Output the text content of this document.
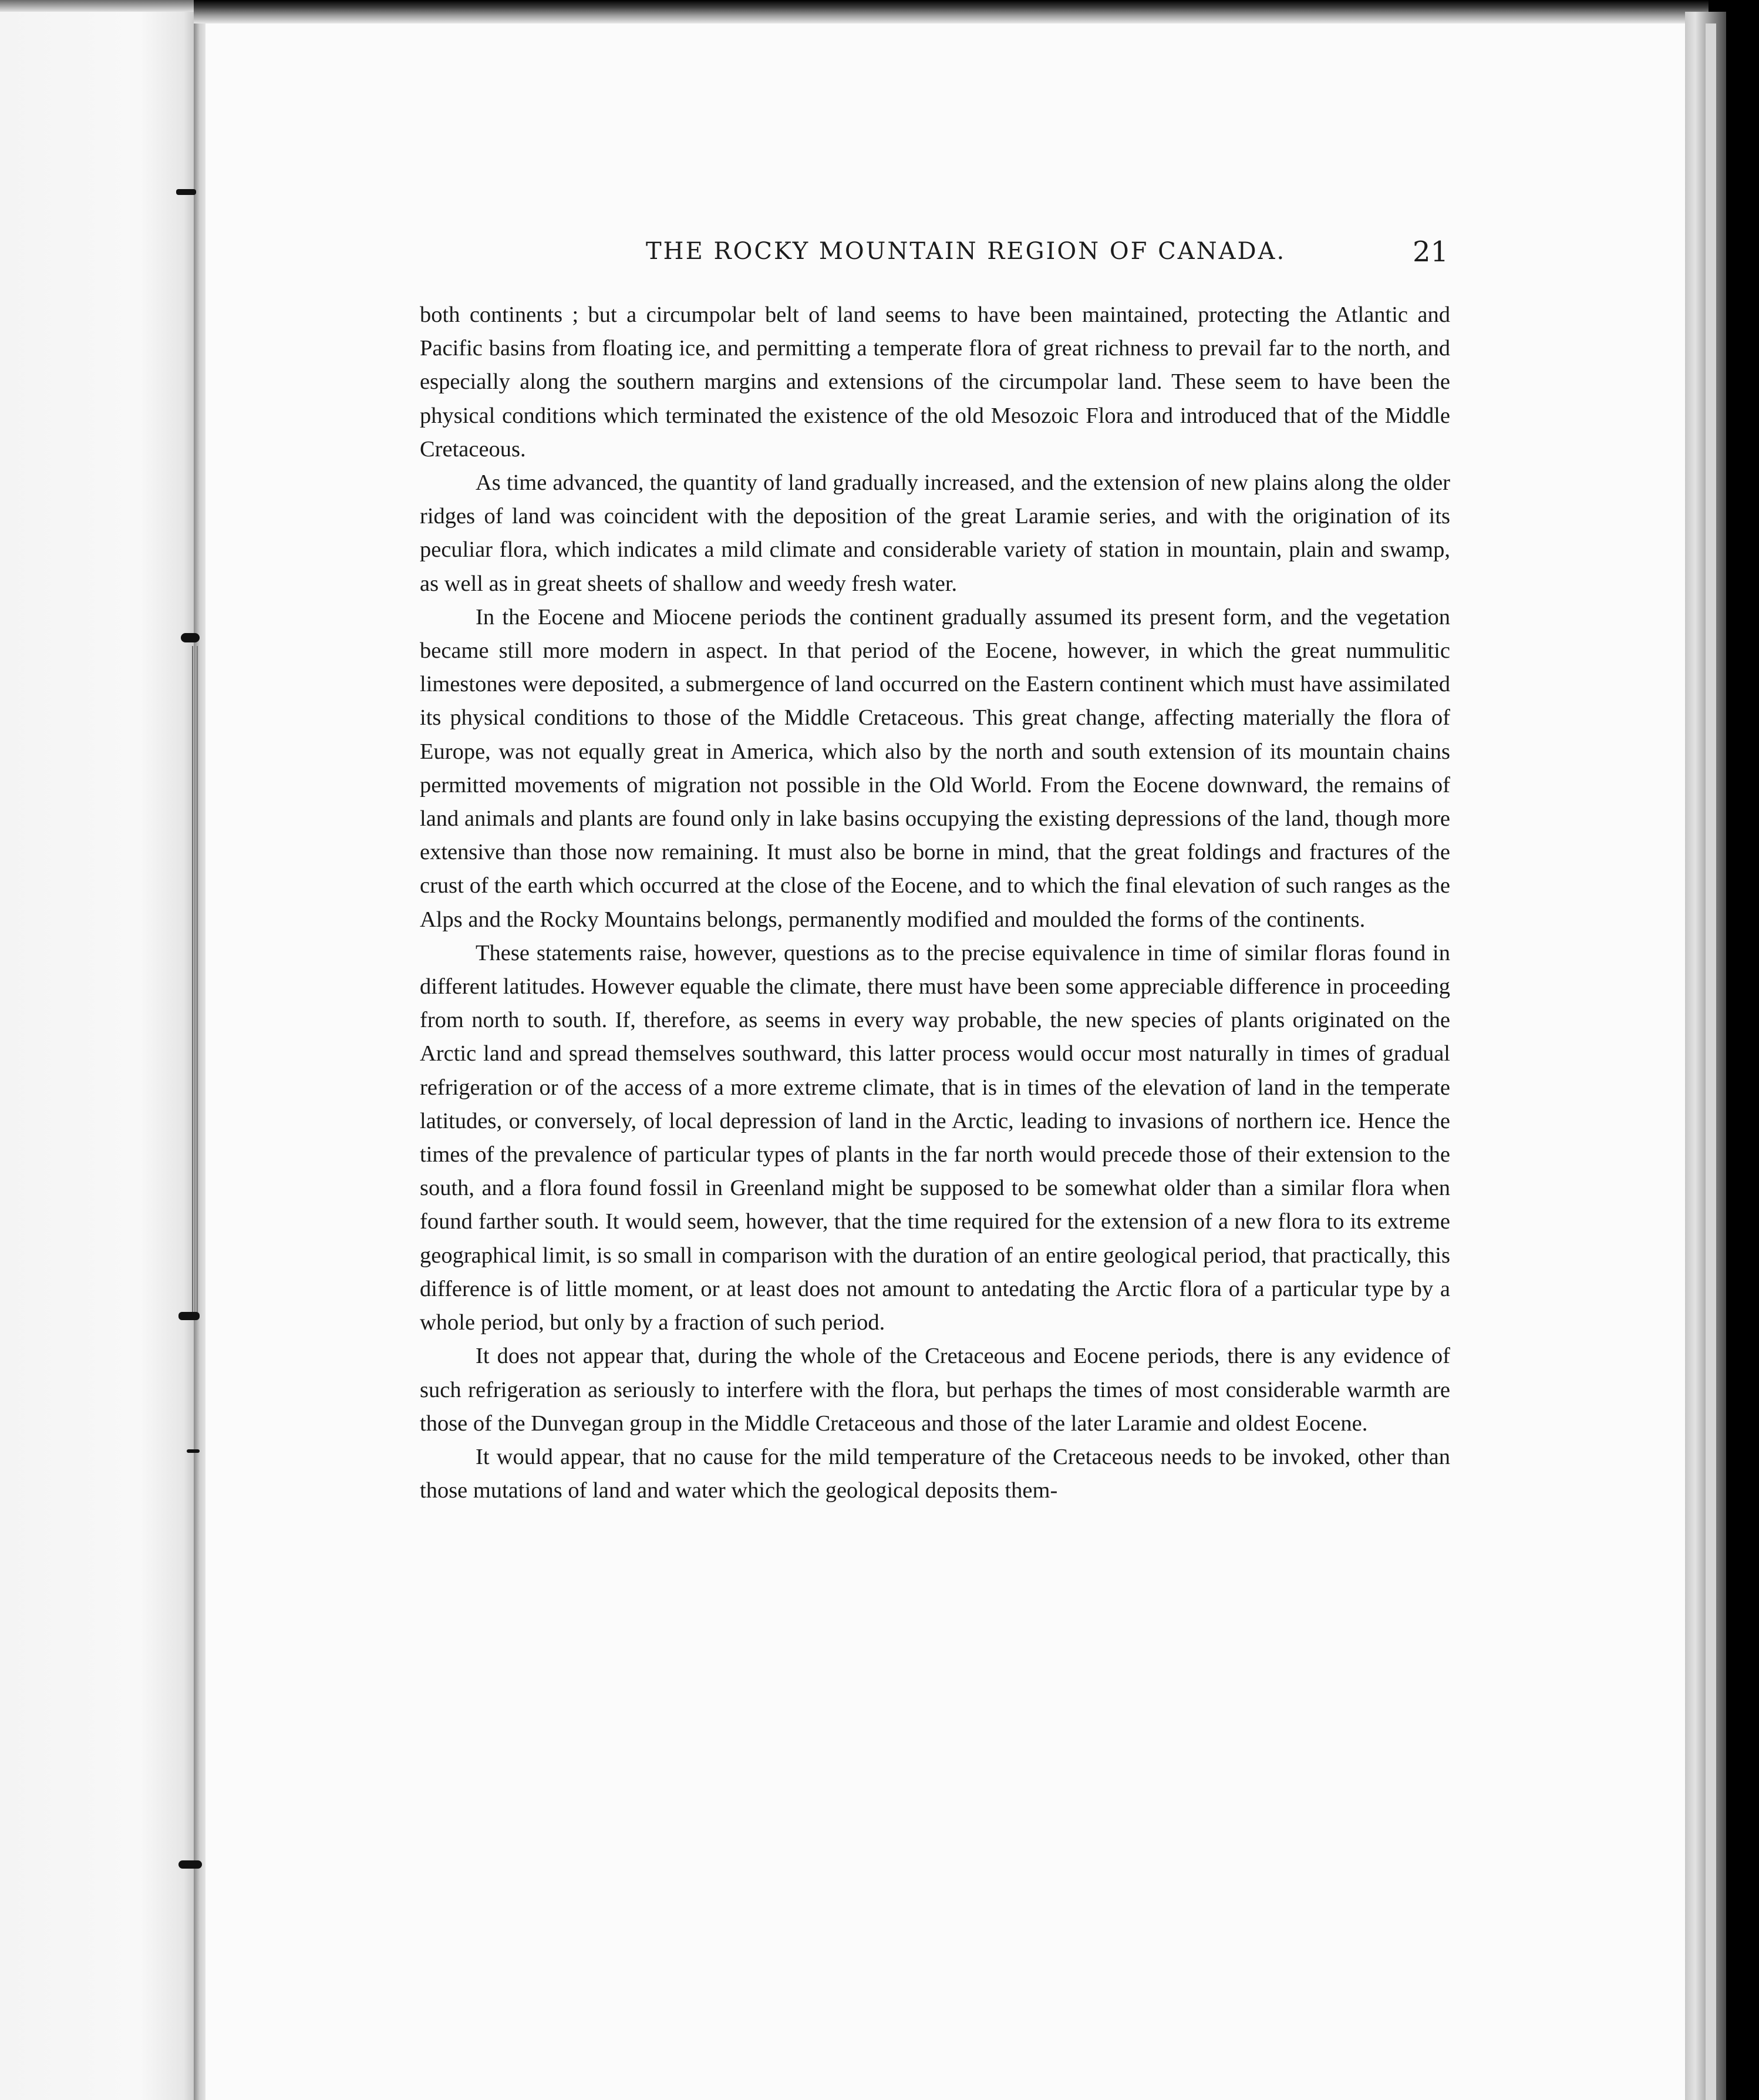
THE ROCKY MOUNTAIN REGION OF CANADA.	21

both continents ; but a circumpolar belt of land seems to have been maintained, protecting the Atlantic and Pacific basins from floating ice, and permitting a temperate flora of great richness to prevail far to the north, and especially along the southern margins and extensions of the circumpolar land. These seem to have been the physical conditions which terminated the existence of the old Mesozoic Flora and introduced that of the Middle Cretaceous.

As time advanced, the quantity of land gradually increased, and the extension of new plains along the older ridges of land was coincident with the deposition of the great Laramie series, and with the origination of its peculiar flora, which indicates a mild climate and considerable variety of station in mountain, plain and swamp, as well as in great sheets of shallow and weedy fresh water.

In the Eocene and Miocene periods the continent gradually assumed its present form, and the vegetation became still more modern in aspect. In that period of the Eocene, however, in which the great nummulitic limestones were deposited, a submergence of land occurred on the Eastern continent which must have assimilated its physical conditions to those of the Middle Cretaceous. This great change, affecting materially the flora of Europe, was not equally great in America, which also by the north and south extension of its mountain chains permitted movements of migration not possible in the Old World. From the Eocene downward, the remains of land animals and plants are found only in lake basins occupying the existing depressions of the land, though more extensive than those now remaining. It must also be borne in mind, that the great foldings and fractures of the crust of the earth which occurred at the close of the Eocene, and to which the final elevation of such ranges as the Alps and the Rocky Mountains belongs, permanently modified and moulded the forms of the continents.

These statements raise, however, questions as to the precise equivalence in time of similar floras found in different latitudes. However equable the climate, there must have been some appreciable difference in proceeding from north to south. If, therefore, as seems in every way probable, the new species of plants originated on the Arctic land and spread themselves southward, this latter process would occur most naturally in times of gradual refrigeration or of the access of a more extreme climate, that is in times of the elevation of land in the temperate latitudes, or conversely, of local depression of land in the Arctic, leading to invasions of northern ice. Hence the times of the prevalence of particular types of plants in the far north would precede those of their extension to the south, and a flora found fossil in Greenland might be supposed to be somewhat older than a similar flora when found farther south. It would seem, however, that the time required for the extension of a new flora to its extreme geographical limit, is so small in comparison with the duration of an entire geological period, that practically, this difference is of little moment, or at least does not amount to antedating the Arctic flora of a particular type by a whole period, but only by a fraction of such period.

It does not appear that, during the whole of the Cretaceous and Eocene periods, there is any evidence of such refrigeration as seriously to interfere with the flora, but perhaps the times of most considerable warmth are those of the Dunvegan group in the Middle Cretaceous and those of the later Laramie and oldest Eocene.

It would appear, that no cause for the mild temperature of the Cretaceous needs to be invoked, other than those mutations of land and water which the geological deposits them-
